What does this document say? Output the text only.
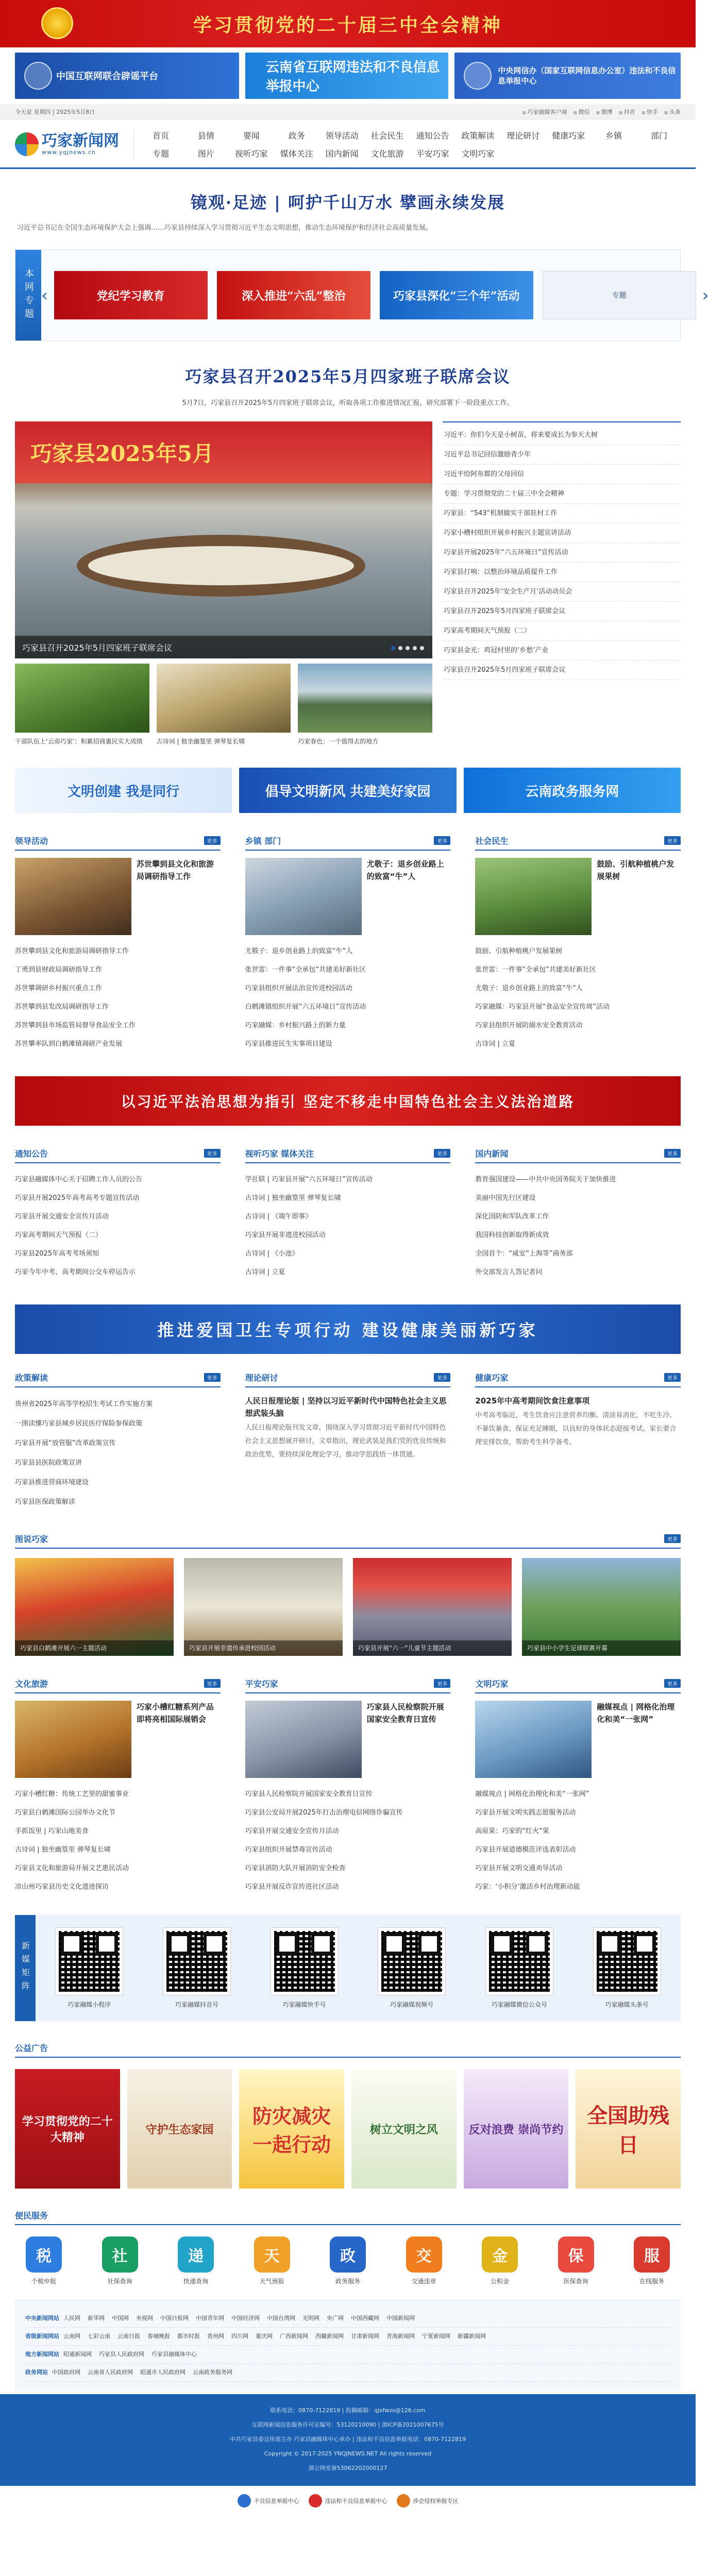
学习贯彻党的二十届三中全会精神
中国互联网联合辟谣平台
云南省互联网违法和不良信息举报中心
中央网信办（国家互联网信息办公室）违法和不良信息举报中心
今天是 星期四 | 2025年5月8日	■ 巧家融媒客户端	■ 微信	■ 微博	■ 抖音	■ 快手	■ 头条
巧家新闻网
www.yqjnews.cn
首页	县情	要闻	政务	领导活动	社会民生	通知公告	政策解读	理论研讨	健康巧家	乡镇	部门
专题	图片	视听巧家	媒体关注	国内新闻	文化旅游	平安巧家	文明巧家
镜观·足迹 | 呵护千山万水 擘画永续发展

习近平总书记在全国生态环境保护大会上强调……巧家县持续深入学习贯彻习近平生态文明思想，推动生态环境保护和经济社会高质量发展。

本网专题 ‹	党纪学习教育	深入推进“六乱”整治	巧家县深化“三个年”活动	专题	›
巧家县召开2025年5月四家班子联席会议

5月7日，巧家县召开2025年5月四家班子联席会议，听取各项工作推进情况汇报，研究部署下一阶段重点工作。

巧家县2025年5月
巧家县召开2025年5月四家班子联席会议
干部队伍上‘云南巧家’：积累招商惠民实大成绩	古诗词 | 独坐幽篁里 弹琴复长啸	巧家春色：一个值得去的地方
习近平：你们今天是小树苗，将来要成长为参天大树
习近平总书记回信激励青少年
习近平给阿布都的父母回信
专题：学习贯彻党的二十届三中全会精神
巧家县：“543”机制做实干部驻村工作
巧家小槽村组织开展乡村振兴主题宣讲活动
巧家县开展2025年“六五环境日”宣传活动
巧家县打响：以整治环境品质提升工作
巧家县召开2025年‘安全生产月’活动动员会
巧家县召开2025年5月四家班子联席会议
巧家高考期间天气预报（二）
巧家县金光：鸡冠村里的‘乡愁’产业
巧家县召开2025年5月四家班子联席会议
文明创建 我是同行	倡导文明新风 共建美好家园	云南政务服务网
领导活动	更多
苏世攀到县文化和旅游局调研指导工作
苏世攀到县文化和旅游局调研指导工作
丁勇到县财政局调研指导工作
苏世攀调研乡村振兴重点工作
苏世攀到县发改局调研指导工作
苏世攀到县市场监管局督导食品安全工作
苏世攀率队到白鹤滩镇调研产业发展
乡镇 部门	更多
尤敬子：退乡创业路上的致富“牛”人
尤敬子：退乡创业路上的致富“牛”人
张世雷：一件事“全承包”共建美好新社区
巧家县组织开展法治宣传进校园活动
白鹤滩镇组织开展“六五环境日”宣传活动
巧家融媒：乡村振兴路上的新力量
巧家县推进民生实事项目建设
社会民生	更多
鼓励、引航种植桃户发展果树
鼓励、引航种植桃户发展果树
张世雷：一件事“全承包”共建美好新社区
尤敬子：退乡创业路上的致富“牛”人
巧家融媒：巧家县开展“食品安全宣传周”活动
巧家县组织开展防溺水安全教育活动
古诗词 | 立夏
以习近平法治思想为指引 坚定不移走中国特色社会主义法治道路
通知公告	更多
巧家县融媒体中心关于招聘工作人员的公告
巧家县开展2025年高考高考专题宣传活动
巧家县开展交通安全宣传月活动
巧家高考期间天气预报（二）
巧家县2025年高考考场须知
巧家今年中考、高考期间公交车停运告示
视听巧家 媒体关注	更多
学社联 | 巧家县开展“六五环境日”宣传活动
古诗词 | 独坐幽篁里 弹琴复长啸
古诗词 | 《端午即事》
巧家县开展非遗进校园活动
古诗词 | 《小池》
古诗词 | 立夏
国内新闻	更多
教育强国建设——中共中央国务院关于加快推进
美丽中国先行区建设
深化国防和军队改革工作
我国科技创新取得新成效
全国首个：“咸安”上海等”商务部
外交部发言人答记者问
推进爱国卫生专项行动 建设健康美丽新巧家
政策解读	更多
贵州省2025年高等学校招生考试工作实施方案
一图读懂巧家县城乡居民医疗保险参保政策
巧家县开展“放管服”改革政策宣传
巧家县县医院政策宣讲
巧家县推进营商环境建设
巧家县医保政策解读
理论研讨	更多
人民日报理论版 | 坚持以习近平新时代中国特色社会主义思想武装头脑
人民日报理论版刊发文章，围绕深入学习贯彻习近平新时代中国特色社会主义思想展开研讨。文章指出，理论武装是我们党的优良传统和政治优势，要持续深化理论学习，推动学思践悟一体贯通。
健康巧家	更多
2025年中高考期间饮食注意事项
中考高考临近，考生饮食应注意营养均衡、清淡易消化，不吃生冷、不暴饮暴食，保证充足睡眠，以良好的身体状态迎接考试。家长要合理安排饮食，帮助考生科学备考。
图说巧家	更多
巧家县白鹤滩开展六一主题活动	巧家县开展非遗传承进校园活动	巧家县开展“六一”儿童节主题活动	巧家县中小学生足球联赛开幕
文化旅游	更多
巧家小槽红糖系列产品即将亮相国际展销会
巧家小槽红糖：传统工艺里的甜蜜事业
巧家县白鹤滩国际公园举办文化节
手抓饭里 | 巧家山地美食
古诗词 | 独坐幽篁里 弹琴复长啸
巧家县文化和旅游局开展文艺惠民活动
凉山州巧家县历史文化遗迹探访
平安巧家	更多
巧家县人民检察院开展国家安全教育日宣传
巧家县人民检察院开展国家安全教育日宣传
巧家县公安局开展2025年打击治理电信网络诈骗宣传
巧家县开展交通安全宣传月活动
巧家县组织开展禁毒宣传活动
巧家县消防大队开展消防安全检查
巧家县开展反诈宣传进社区活动
文明巧家	更多
融媒视点 | 网格化治理化和美“一张网”
融媒视点 | 网格化治理化和美“一张网”
巧家县开展文明实践志愿服务活动
高原果：巧家的“红火”果
巧家县开展道德模范评选表彰活动
巧家县开展文明交通劝导活动
巧家：‘小积分’激活乡村治理新动能
新媒矩阵
巧家融媒小程序	巧家融媒抖音号	巧家融媒快手号	巧家融媒视频号	巧家融媒微信公众号	巧家融媒头条号
公益广告
学习贯彻党的二十大精神
守护生态家园
防灾减灾 一起行动
树立文明之风	反对浪费 崇尚节约
全国助残日
便民服务
税
个税申报
社
社保查询
递
快递查询
天
天气预报
政
政务服务
交
交通违章
金
公积金
保
医保查询
服
在线服务
中央新闻网站 人民网 新华网 中国网 央视网 中国日报网 中国青年网 中国经济网 中国台湾网 光明网 央广网 中国西藏网 中国新闻网
省级新闻网站 云南网 七彩云南 云南日报 春城晚报 都市时报 贵州网 四川网 重庆网 广西新闻网 西藏新闻网 甘肃新闻网 青海新闻网 宁夏新闻网 新疆新闻网
地方新闻网站 昭通新闻网 巧家县人民政府网 巧家县融媒体中心
政务网站 中国政府网 云南省人民政府网 昭通市人民政府网 云南政务服务网
联系电话：0870-7122819 | 投稿邮箱：qjxfwzs@126.com
互联网新闻信息服务许可证编号：53120210090 | 滇ICP备2021007675号
中共巧家县委宣传部主办 巧家县融媒体中心承办 | 违法和不良信息举报电话：0870-7122819
Copyright © 2017-2025 YNQJNEWS.NET All rights reserved
滇公网安备53062202000127
不良信息举报中心	违法和不良信息举报中心	涉企侵权举报专区
